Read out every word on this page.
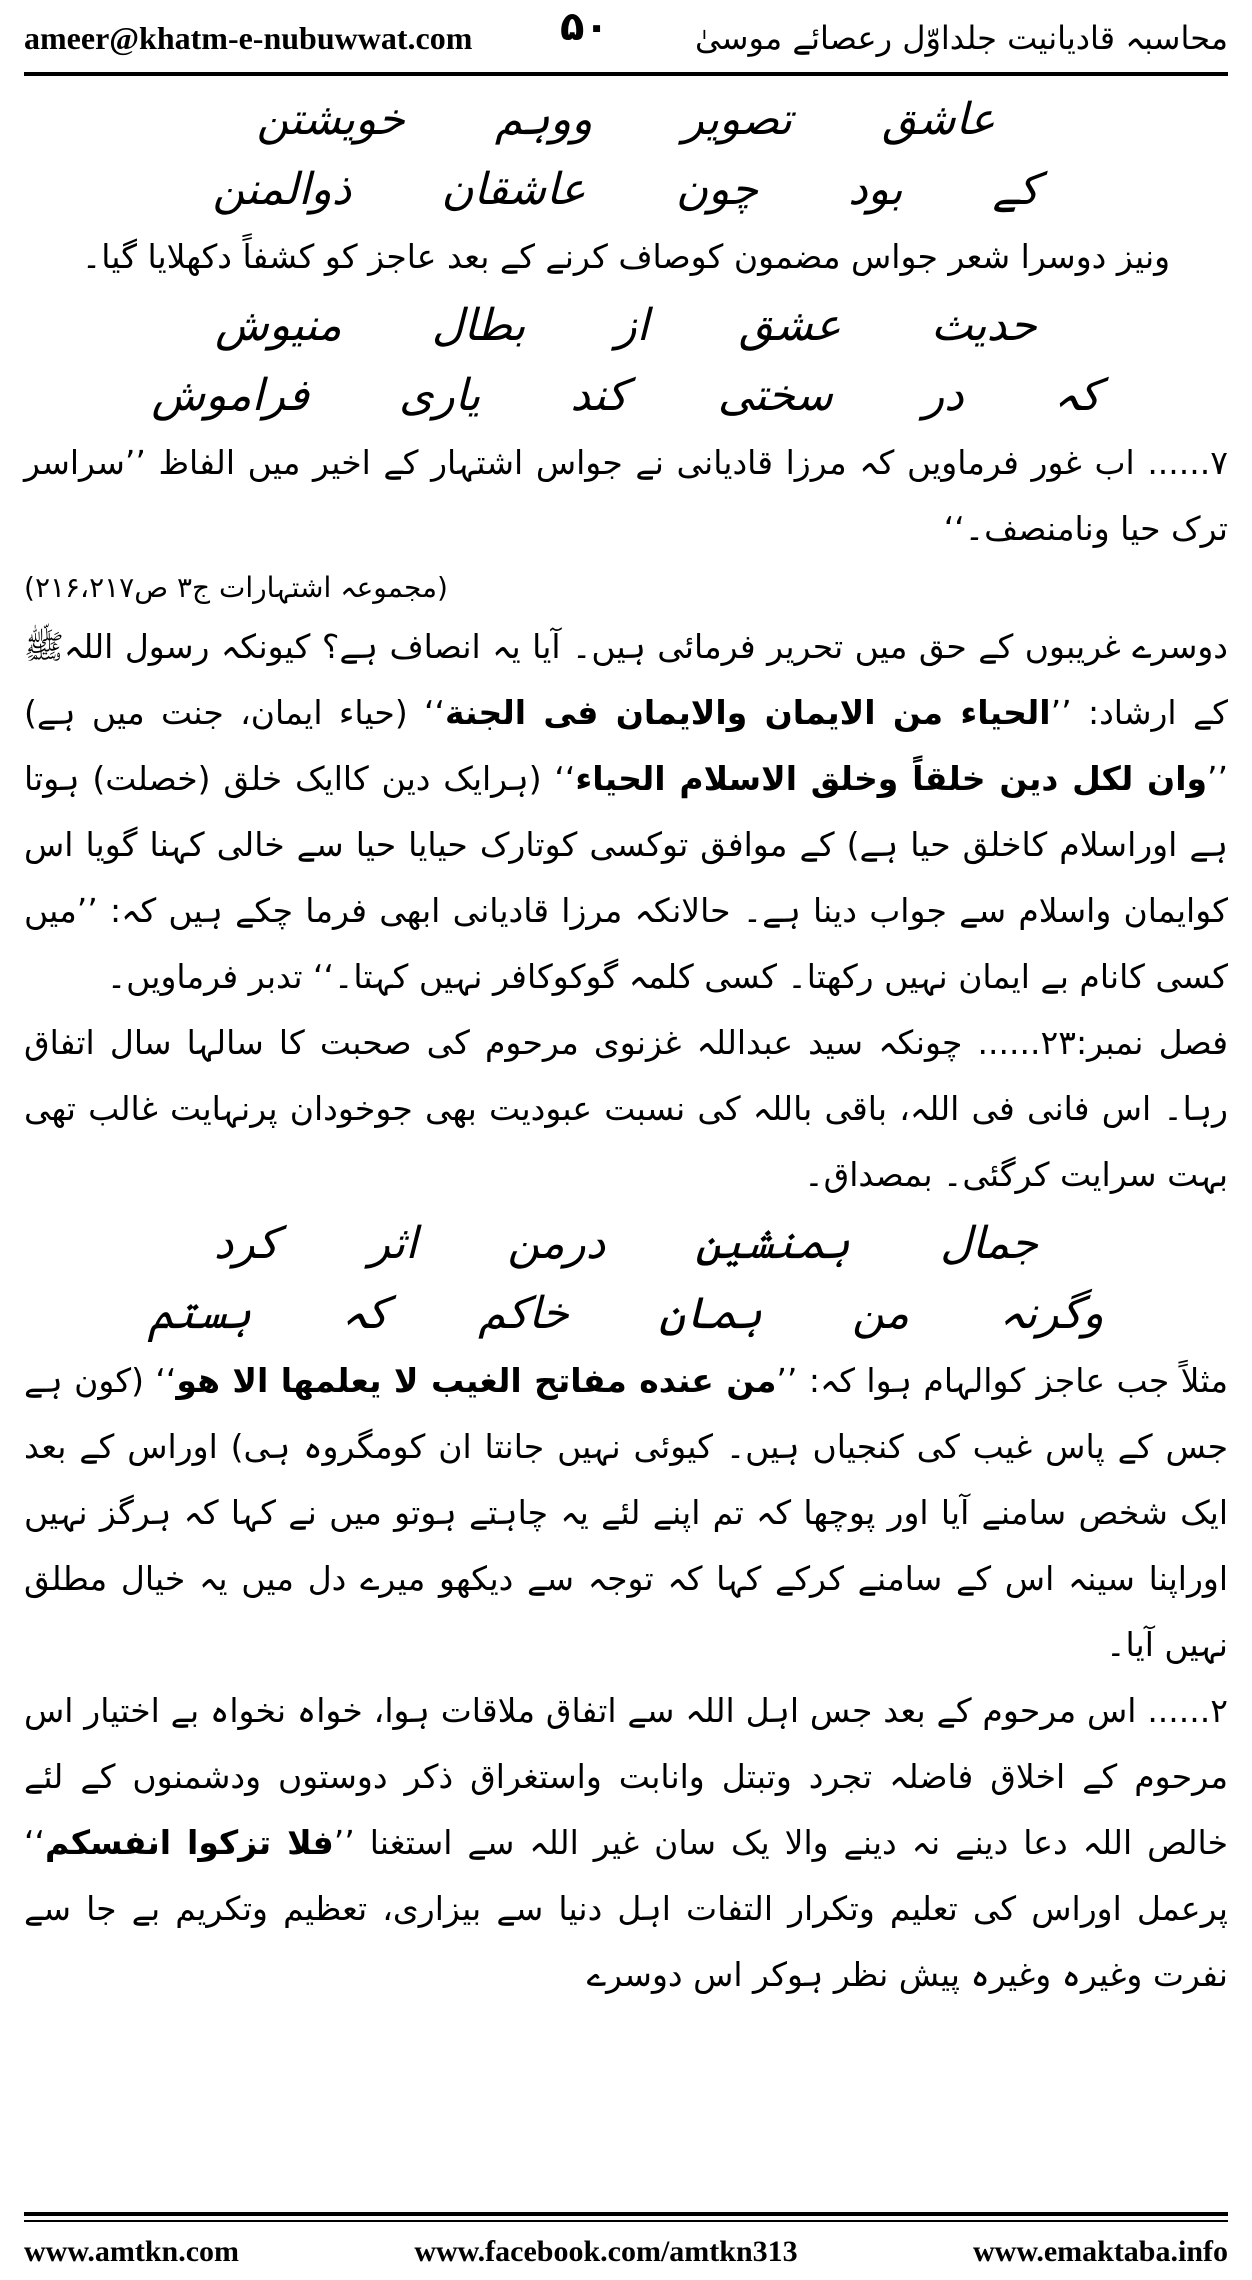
ameer@khatm-e-nubuwwat.com	محاسبہ قادیانیت جلداوّل رعصائے موسیٰ
۵۰
عاشق
تصویر
ووہم
خویشتن
کے
بود
چون
عاشقان
ذوالمنن

ونیز دوسرا شعر جواس مضمون کوصاف کرنے کے بعد عاجز کو کشفاً دکھلایا گیا۔

حدیث
عشق
از
بطال
منیوش
کہ
در
سختی
کند
یاری
فراموش

۷...... اب غور فرماویں کہ مرزا قادیانی نے جواس اشتہار کے اخیر میں الفاظ ’’سراسر ترک حیا ونامنصف۔‘‘

(مجموعہ اشتہارات ج۳ ص۲۱۶،۲۱۷)

دوسرے غریبوں کے حق میں تحریر فرمائی ہیں۔ آیا یہ انصاف ہے؟ کیونکہ رسول اللہﷺ کے ارشاد: ’’الحیاء من الایمان والایمان فی الجنة‘‘ (حیاء ایمان، جنت میں ہے) ’’وان لکل دین خلقاً وخلق الاسلام الحیاء‘‘ (ہرایک دین کاایک خلق (خصلت) ہوتا ہے اوراسلام کاخلق حیا ہے) کے موافق توکسی کوتارک حیایا حیا سے خالی کہنا گویا اس کوایمان واسلام سے جواب دینا ہے۔ حالانکہ مرزا قادیانی ابھی فرما چکے ہیں کہ: ’’میں کسی کانام بے ایمان نہیں رکھتا۔ کسی کلمہ گوکوکافر نہیں کہتا۔‘‘ تدبر فرماویں۔

فصل نمبر:۲۳...... چونکہ سید عبداللہ غزنوی مرحوم کی صحبت کا سالہا سال اتفاق رہا۔ اس فانی فی اللہ، باقی باللہ کی نسبت عبودیت بھی جوخودان پرنہایت غالب تھی بہت سرایت کرگئی۔ بمصداق۔

جمال
ہمنشین
درمن
اثر
کرد
وگرنہ
من
ہمان
خاکم
کہ
ہستم

مثلاً جب عاجز کوالہام ہوا کہ: ’’من عنده مفاتح الغیب لا یعلمها الا هو‘‘ (کون ہے جس کے پاس غیب کی کنجیاں ہیں۔ کیوئی نہیں جانتا ان کومگروہ ہی) اوراس کے بعد ایک شخص سامنے آیا اور پوچھا کہ تم اپنے لئے یہ چاہتے ہوتو میں نے کہا کہ ہرگز نہیں اوراپنا سینہ اس کے سامنے کرکے کہا کہ توجہ سے دیکھو میرے دل میں یہ خیال مطلق نہیں آیا۔

۲...... اس مرحوم کے بعد جس اہل اللہ سے اتفاق ملاقات ہوا، خواہ نخواہ بے اختیار اس مرحوم کے اخلاق فاضلہ تجرد وتبتل وانابت واستغراق ذکر دوستوں ودشمنوں کے لئے خالص اللہ دعا دینے نہ دینے والا یک سان غیر اللہ سے استغنا ’’فلا تزکوا انفسکم‘‘ پرعمل اوراس کی تعلیم وتکرار التفات اہل دنیا سے بیزاری، تعظیم وتکریم بے جا سے نفرت وغیرہ وغیرہ پیش نظر ہوکر اس دوسرے

www.amtkn.com	www.facebook.com/amtkn313	www.emaktaba.info
